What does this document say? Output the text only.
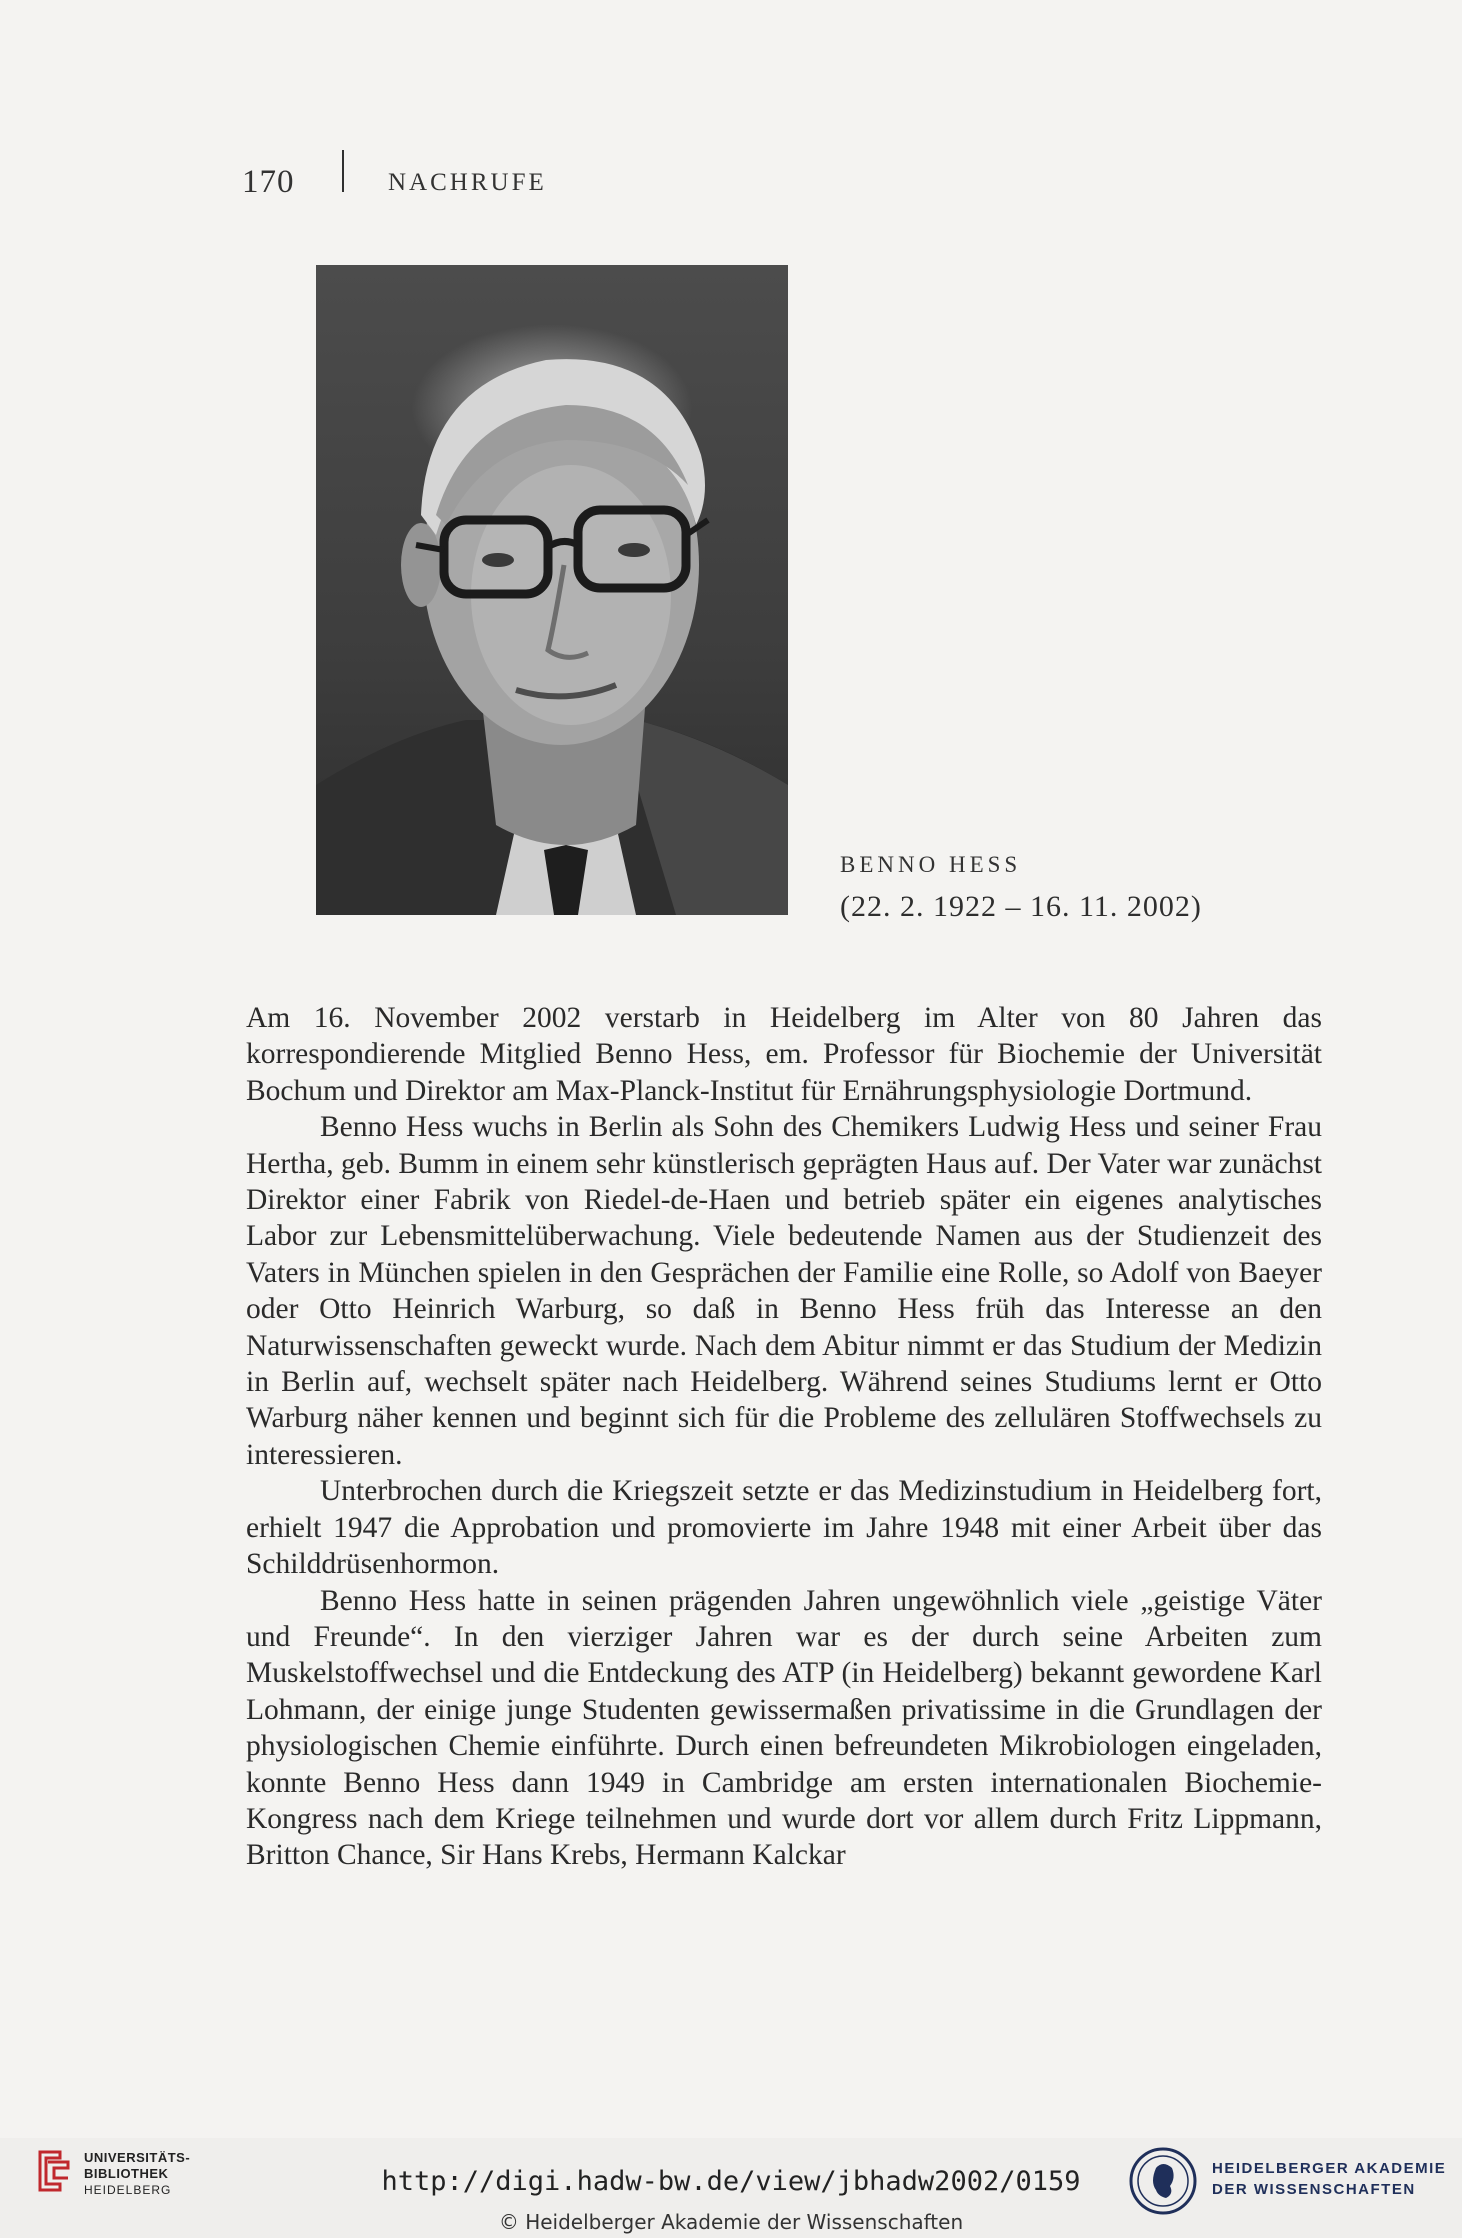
170	NACHRUFE
BENNO HESS
(22. 2. 1922 – 16. 11. 2002)

Am 16. November 2002 verstarb in Heidelberg im Alter von 80 Jahren das korrespondierende Mitglied Benno Hess, em. Professor für Biochemie der Universität Bochum und Direktor am Max-Planck-Institut für Ernährungsphysiologie Dortmund.

Benno Hess wuchs in Berlin als Sohn des Chemikers Ludwig Hess und seiner Frau Hertha, geb. Bumm in einem sehr künstlerisch geprägten Haus auf. Der Vater war zunächst Direktor einer Fabrik von Riedel-de-Haen und betrieb später ein eigenes analytisches Labor zur Lebensmittelüberwachung. Viele bedeutende Namen aus der Studienzeit des Vaters in München spielen in den Gesprächen der Familie eine Rolle, so Adolf von Baeyer oder Otto Heinrich Warburg, so daß in Benno Hess früh das Interesse an den Naturwissenschaften geweckt wurde. Nach dem Abitur nimmt er das Studium der Medizin in Berlin auf, wechselt später nach Heidelberg. Während seines Studiums lernt er Otto Warburg näher kennen und beginnt sich für die Probleme des zellulären Stoffwechsels zu interessieren.

Unterbrochen durch die Kriegszeit setzte er das Medizinstudium in Heidelberg fort, erhielt 1947 die Approbation und promovierte im Jahre 1948 mit einer Arbeit über das Schilddrüsenhormon.

Benno Hess hatte in seinen prägenden Jahren ungewöhnlich viele „geistige Väter und Freunde“. In den vierziger Jahren war es der durch seine Arbeiten zum Muskelstoffwechsel und die Entdeckung des ATP (in Heidelberg) bekannt gewordene Karl Lohmann, der einige junge Studenten gewissermaßen privatissime in die Grundlagen der physiologischen Chemie einführte. Durch einen befreundeten Mikrobiologen eingeladen, konnte Benno Hess dann 1949 in Cambridge am ersten internationalen Biochemie-Kongress nach dem Kriege teilnehmen und wurde dort vor allem durch Fritz Lippmann, Britton Chance, Sir Hans Krebs, Hermann Kalckar

UNIVERSITÄTS-
BIBLIOTHEK
HEIDELBERG	http://digi.hadw-bw.de/view/jbhadw2002/0159
© Heidelberger Akademie der Wissenschaften
HEIDELBERGER AKADEMIE
DER WISSENSCHAFTEN
